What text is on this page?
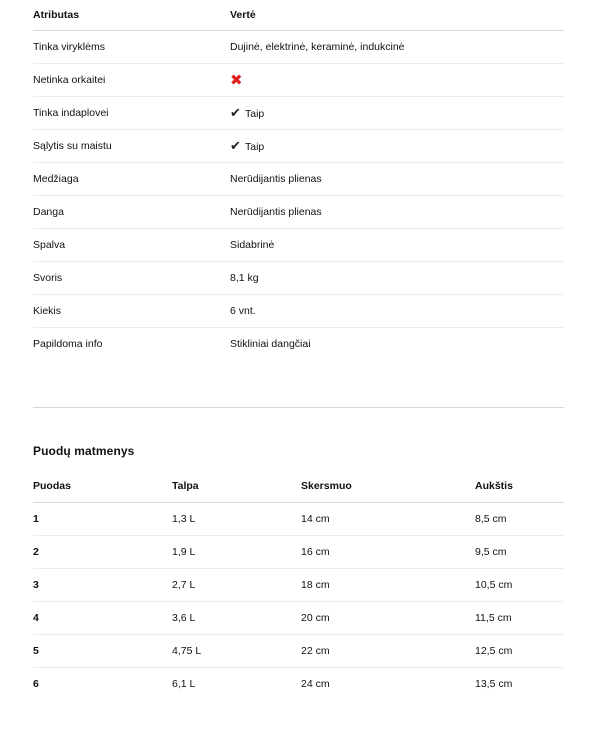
Atributas	Vertė
Tinka viryklėms	Dujinė, elektrinė, keraminė, indukcinė
Netinka orkaitei	✖
Tinka indaplovei	✔ Taip
Sąlytis su maistu	✔ Taip
Medžiaga	Nerūdijantis plienas
Danga	Nerūdijantis plienas
Spalva	Sidabrinė
Svoris	8,1 kg
Kiekis	6 vnt.
Papildoma info	Stikliniai dangčiai
Puodų matmenys
Puodas	Talpa	Skersmuo	Aukštis
1	1,3 L	14 cm	8,5 cm
2	1,9 L	16 cm	9,5 cm
3	2,7 L	18 cm	10,5 cm
4	3,6 L	20 cm	11,5 cm
5	4,75 L	22 cm	12,5 cm
6	6,1 L	24 cm	13,5 cm
